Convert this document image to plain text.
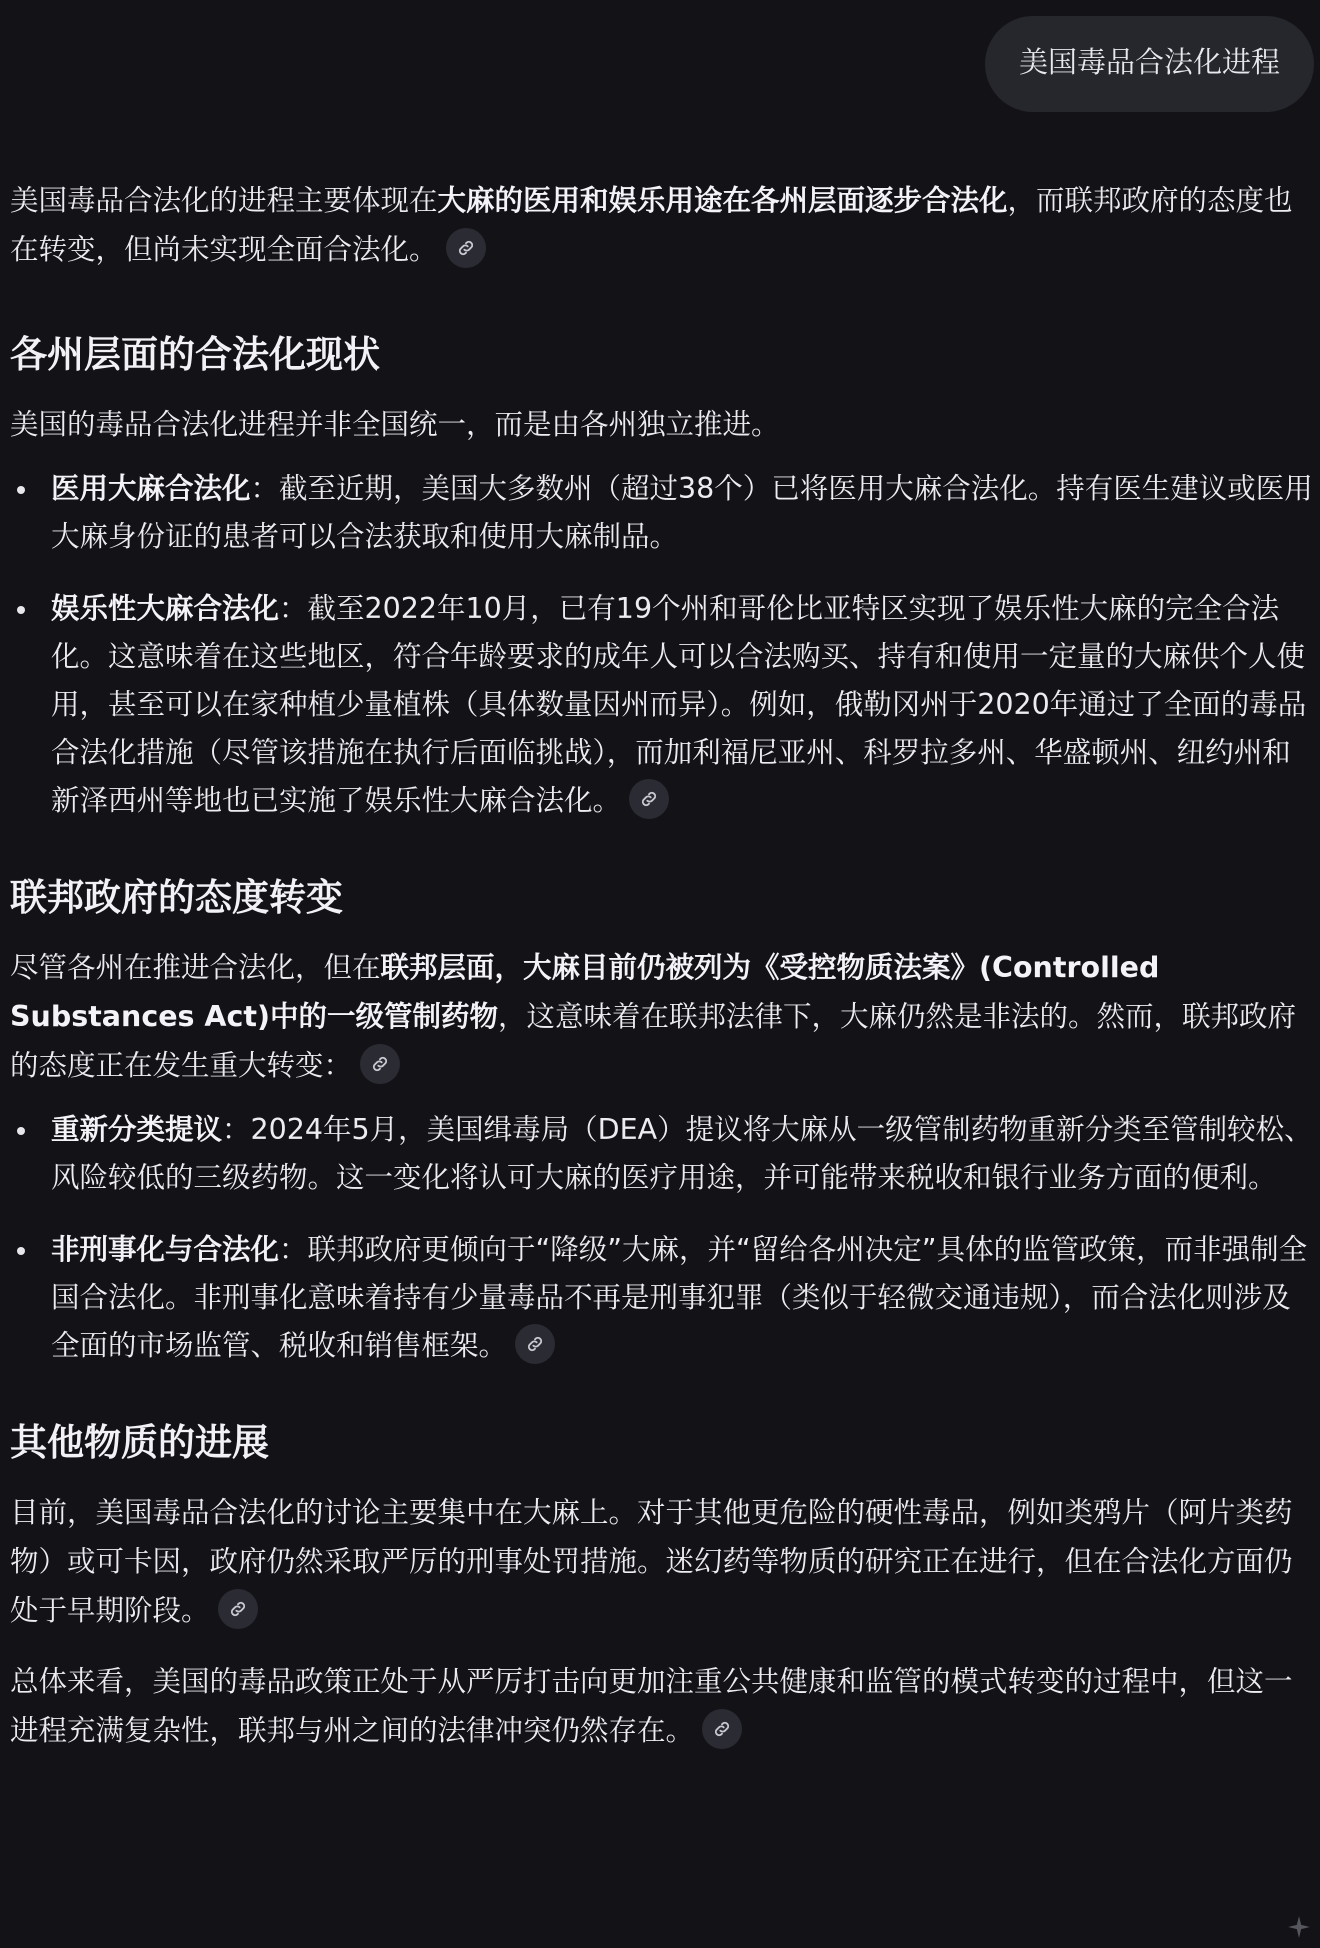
美国毒品合法化进程

美国毒品合法化的进程主要体现在大麻的医用和娱乐用途在各州层面逐步合法化，而联邦政府的态度也在转变，但尚未实现全面合法化。

各州层面的合法化现状

美国的毒品合法化进程并非全国统一，而是由各州独立推进。

医用大麻合法化：截至近期，美国大多数州（超过38个）已将医用大麻合法化。持有医生建议或医用大麻身份证的患者可以合法获取和使用大麻制品。
娱乐性大麻合法化：截至2022年10月，已有19个州和哥伦比亚特区实现了娱乐性大麻的完全合法化。这意味着在这些地区，符合年龄要求的成年人可以合法购买、持有和使用一定量的大麻供个人使用，甚至可以在家种植少量植株（具体数量因州而异）。例如，俄勒冈州于2020年通过了全面的毒品合法化措施（尽管该措施在执行后面临挑战），而加利福尼亚州、科罗拉多州、华盛顿州、纽约州和新泽西州等地也已实施了娱乐性大麻合法化。
联邦政府的态度转变

尽管各州在推进合法化，但在联邦层面，大麻目前仍被列为《受控物质法案》(Controlled Substances Act)中的一级管制药物，这意味着在联邦法律下，大麻仍然是非法的。然而，联邦政府的态度正在发生重大转变：

重新分类提议：2024年5月，美国缉毒局（DEA）提议将大麻从一级管制药物重新分类至管制较松、风险较低的三级药物。这一变化将认可大麻的医疗用途，并可能带来税收和银行业务方面的便利。
非刑事化与合法化：联邦政府更倾向于“降级”大麻，并“留给各州决定”具体的监管政策，而非强制全国合法化。非刑事化意味着持有少量毒品不再是刑事犯罪（类似于轻微交通违规），而合法化则涉及全面的市场监管、税收和销售框架。
其他物质的进展

目前，美国毒品合法化的讨论主要集中在大麻上。对于其他更危险的硬性毒品，例如类鸦片（阿片类药物）或可卡因，政府仍然采取严厉的刑事处罚措施。迷幻药等物质的研究正在进行，但在合法化方面仍处于早期阶段。

总体来看，美国的毒品政策正处于从严厉打击向更加注重公共健康和监管的模式转变的过程中，但这一进程充满复杂性，联邦与州之间的法律冲突仍然存在。
